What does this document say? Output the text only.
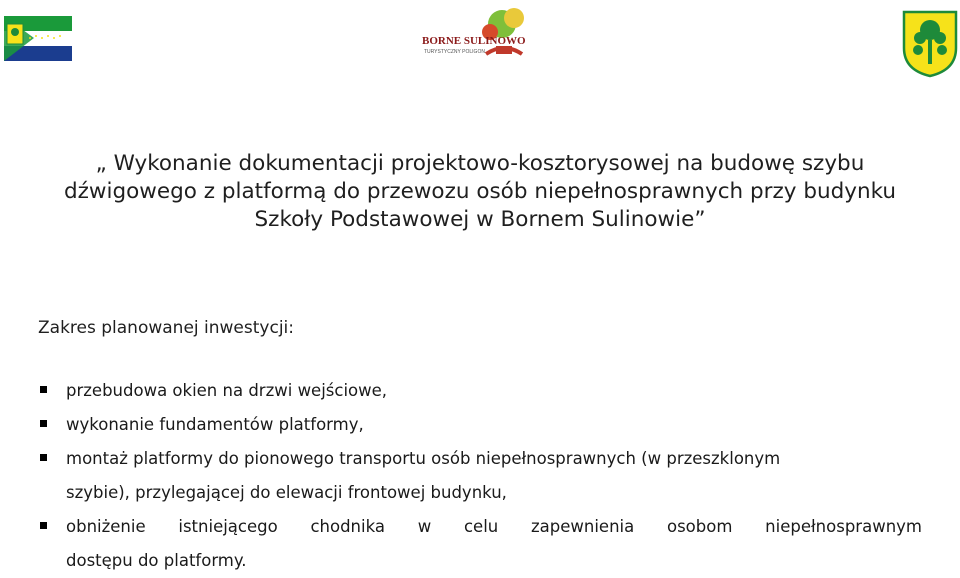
BORNE SULINOWO
TURYSTYCZNY POLIGON
„ Wykonanie dokumentacji projektowo-kosztorysowej na budowę szybu
dźwigowego z platformą do przewozu osób niepełnosprawnych przy budynku
Szkoły Podstawowej w Bornem Sulinowie”
Zakres planowanej inwestycji:
przebudowa okien na drzwi wejściowe,
wykonanie fundamentów platformy,
montaż platformy do pionowego transportu osób niepełnosprawnych (w przeszklonym
szybie), przylegającej do elewacji frontowej budynku,
obniżenie istniejącego chodnika w celu zapewnienia osobom niepełnosprawnym
dostępu do platformy.
